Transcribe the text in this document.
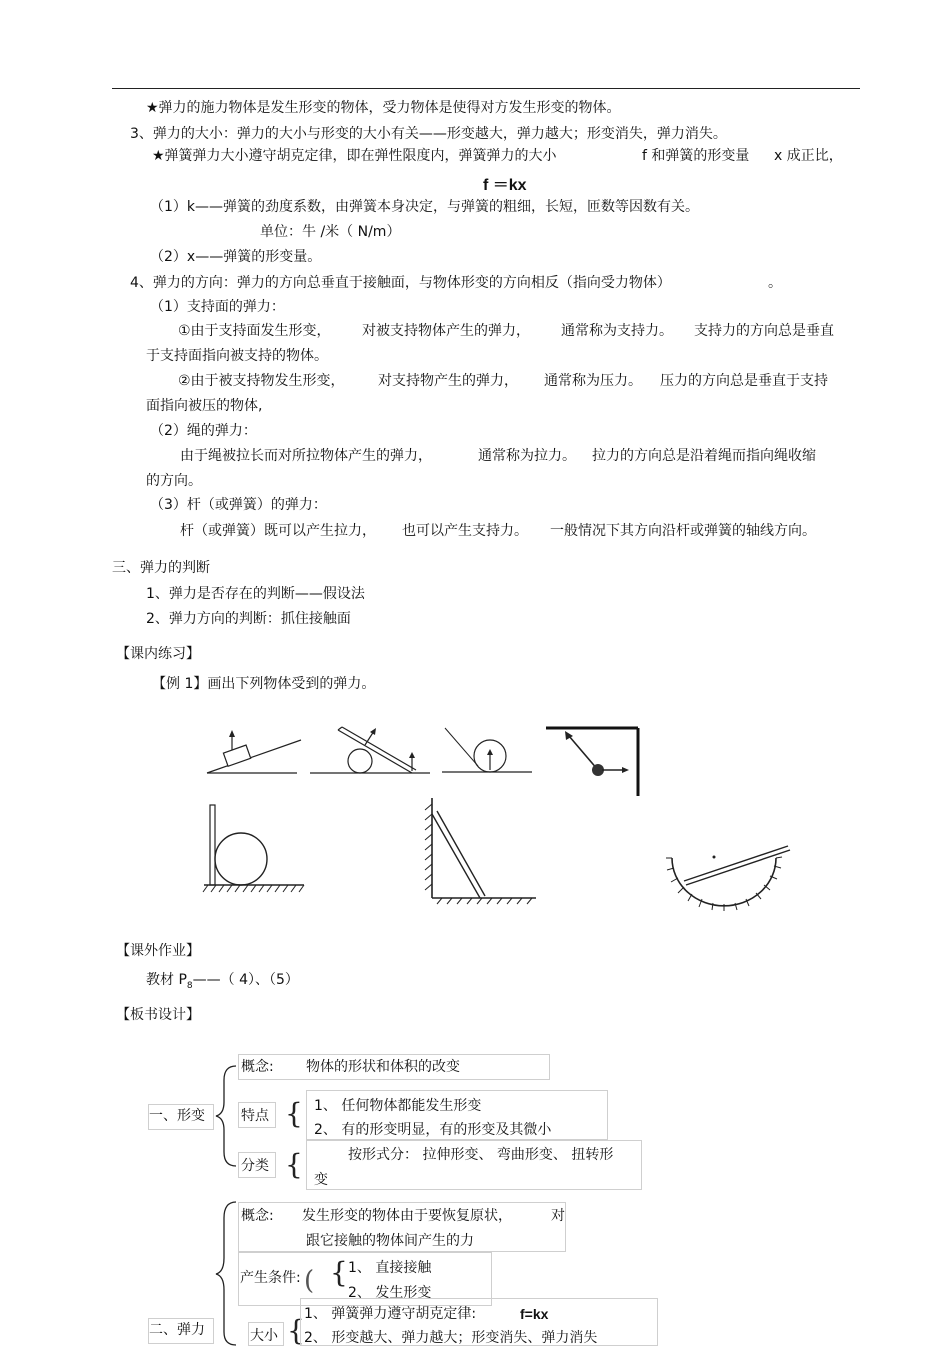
★弹力的施力物体是发生形变的物体，受力物体是使得对方发生形变的物体。
3、弹力的大小：弹力的大小与形变的大小有关——形变越大，弹力越大；形变消失，弹力消失。
★弹簧弹力大小遵守胡克定律，即在弹性限度内，弹簧弹力的大小	f 和弹簧的形变量 x 成正比，
f ＝kx
（1）k——弹簧的劲度系数，由弹簧本身决定，与弹簧的粗细，长短，匝数等因数有关。
单位：牛 /米（ N/m）
（2）x——弹簧的形变量。
4、弹力的方向：弹力的方向总垂直于接触面，与物体形变的方向相反（指向受力物体）	。
（1）支持面的弹力：
①由于支持面发生形变， 对被支持物体产生的弹力， 通常称为支持力。 支持力的方向总是垂直
于支持面指向被支持的物体。
②由于被支持物发生形变， 对支持物产生的弹力， 通常称为压力。 压力的方向总是垂直于支持
面指向被压的物体,
（2）绳的弹力：
由于绳被拉长而对所拉物体产生的弹力，	通常称为拉力。 拉力的方向总是沿着绳而指向绳收缩
的方向。
（3）杆（或弹簧）的弹力：
杆（或弹簧）既可以产生拉力， 也可以产生支持力。 一般情况下其方向沿杆或弹簧的轴线方向。
三、弹力的判断
1、弹力是否存在的判断——假设法
2、弹力方向的判断：抓住接触面
【课内练习】
【例 1】画出下列物体受到的弹力。
【课外作业】
教材 $P_8——$（ 4）、（5）
【板书设计】
一、形变
概念: 物体的形状和体积的改变
特点 { 1、 任何物体都能发生形变
2、 有的形变明显，有的形变及其微小
分类 {	按形式分： 拉伸形变、 弯曲形变、 扭转形
变
概念: 发生形变的物体由于要恢复原状，	对
跟它接触的物体间产生的力
产生条件: ( { 1、 直接接触
2、 发生形变
二、弹力	大小 { 1、 弹簧弹力遵守胡克定律:	f=kx
2、 形变越大、弹力越大；形变消失、弹力消失
